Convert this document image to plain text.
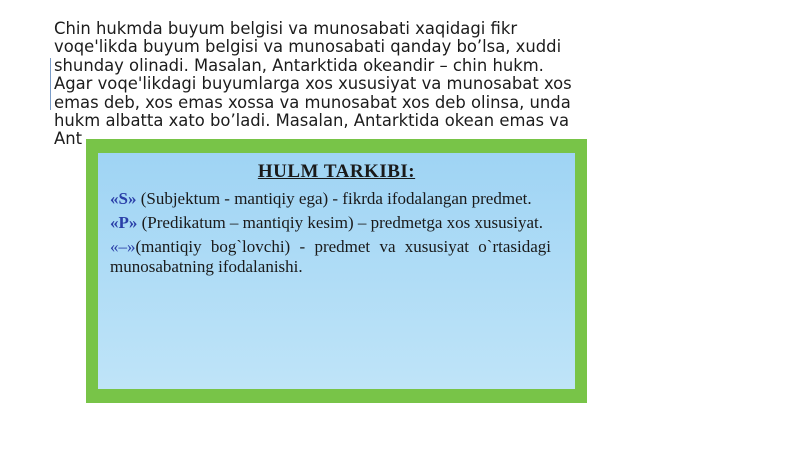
Chin hukmda buyum belgisi va munosabati xaqidagi fikr
voqe'likda buyum belgisi va munosabati qanday bo’lsa, xuddi
shunday olinadi. Masalan, Antarktida okeandir – chin hukm.
Agar voqe'likdagi buyumlarga xos xususiyat va munosabat xos
emas deb, xos emas xossa va munosabat xos deb olinsa, unda
hukm albatta xato bo’ladi. Masalan, Antarktida okean emas va
Ant
HULM TARKIBI:

«S» (Subjektum - mantiqiy ega) - fikrda ifodalangan predmet.

«P» (Predikatum – mantiqiy kesim) – predmetga xos xususiyat.

«–»(mantiqiy bog`lovchi) - predmet va xususiyat o`rtasidagi munosabatning ifodalanishi.
